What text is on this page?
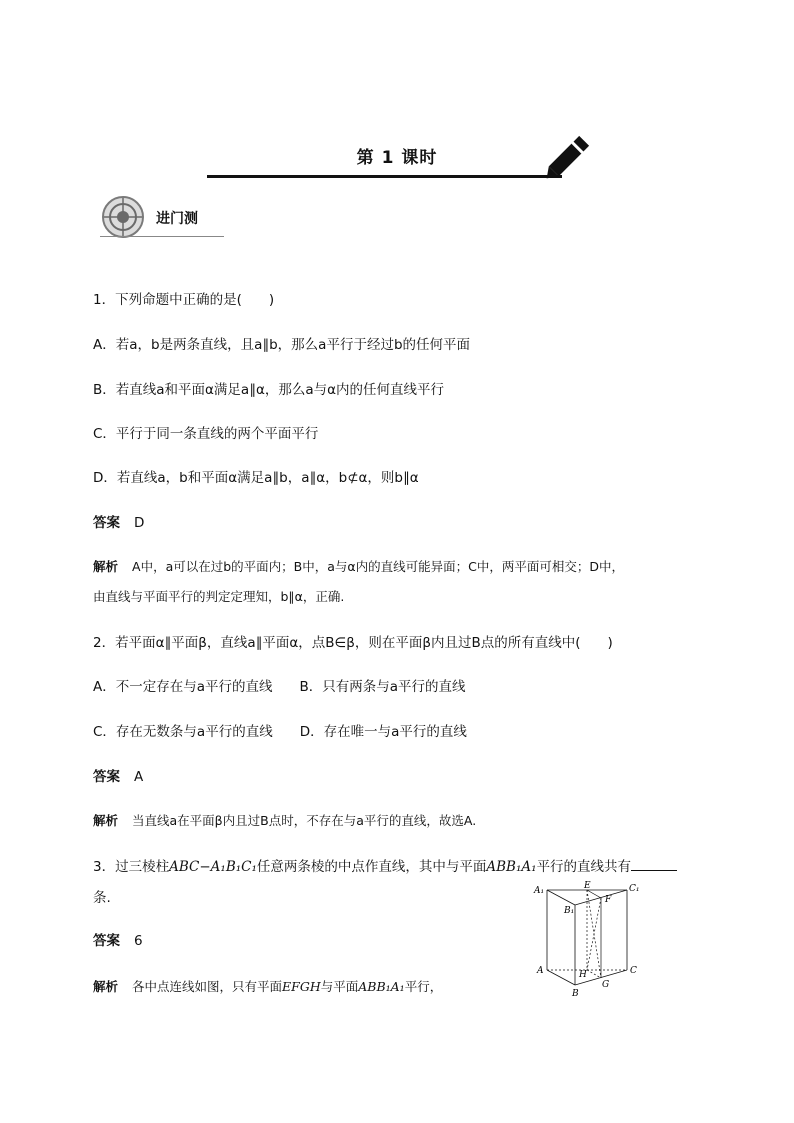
第 1 课时
进门测
1．下列命题中正确的是(　　)
A．若a，b是两条直线，且a∥b，那么a平行于经过b的任何平面
B．若直线a和平面α满足a∥α，那么a与α内的任何直线平行
C．平行于同一条直线的两个平面平行
D．若直线a，b和平面α满足a∥b，a∥α，b⊄α，则b∥α
答案 D
解析 A中，a可以在过b的平面内；B中，a与α内的直线可能异面；C中，两平面可相交；D中，
由直线与平面平行的判定定理知，b∥α，正确.
2．若平面α∥平面β，直线a∥平面α，点B∈β，则在平面β内且过B点的所有直线中(　　)
A．不一定存在与a平行的直线　　B．只有两条与a平行的直线
C．存在无数条与a平行的直线　　D．存在唯一与a平行的直线
答案 A
解析 当直线a在平面β内且过B点时，不存在与a平行的直线，故选A.
3．过三棱柱ABC−A₁B₁C₁任意两条棱的中点作直线，其中与平面ABB₁A₁平行的直线共有
条.
答案 6
解析 各中点连线如图，只有平面EFGH与平面ABB₁A₁平行，
A₁	E	C₁
B₁
F
A	H	C
B
G
